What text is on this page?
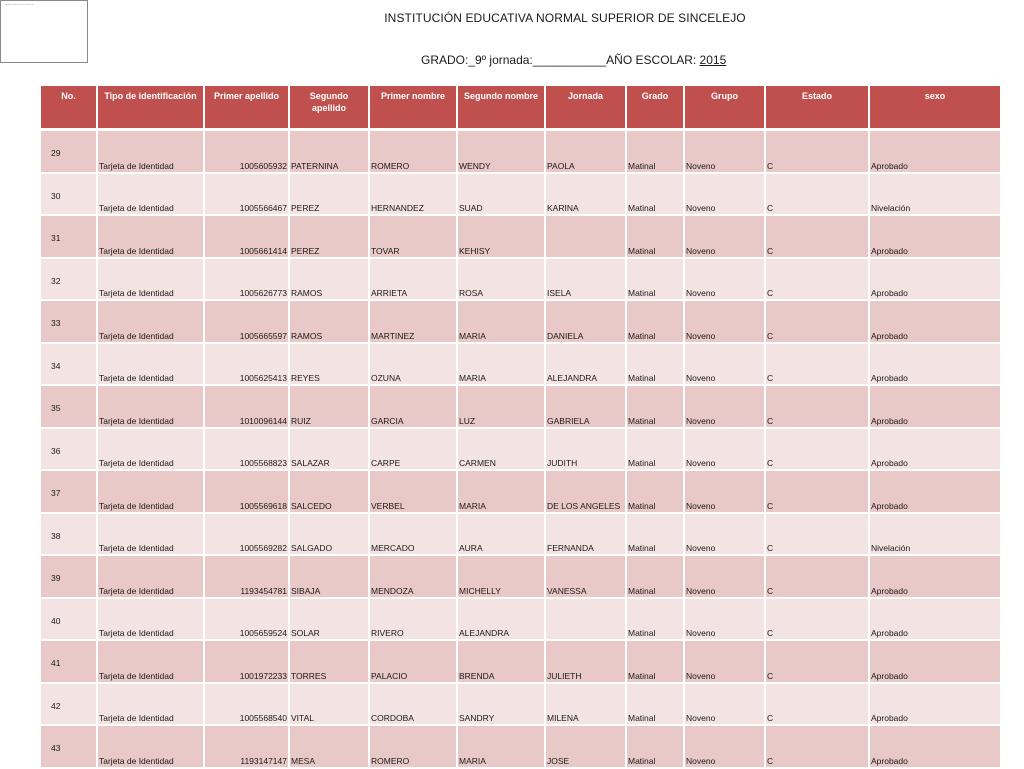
▫▫▫ ▫▫▫▫▫▫ ▫▫▫▫▫▫▫▫▫▫ ▫▫▫▫▫ ▫▫ ▫▫▫▫▫▫ ▫▫▫▫
INSTITUCIÓN EDUCATIVA NORMAL SUPERIOR DE SINCELEJO
GRADO:_9º jornada:___________AÑO ESCOLAR: 2015
No.	Tipo de identificación	Primer apellido	Segundo apellido	Primer nombre	Segundo nombre	Jornada	Grado	Grupo	Estado	sexo

29	Tarjeta de Identidad	1005605932	PATERNINA	ROMERO	WENDY	PAOLA	Matinal	Noveno	C	Aprobado

30	Tarjeta de Identidad	1005566467	PEREZ	HERNANDEZ	SUAD	KARINA	Matinal	Noveno	C	Nivelación

31	Tarjeta de Identidad	1005661414	PEREZ	TOVAR	KEHISY		Matinal	Noveno	C	Aprobado

32	Tarjeta de Identidad	1005626773	RAMOS	ARRIETA	ROSA	ISELA	Matinal	Noveno	C	Aprobado

33	Tarjeta de Identidad	1005665597	RAMOS	MARTINEZ	MARIA	DANIELA	Matinal	Noveno	C	Aprobado

34	Tarjeta de Identidad	1005625413	REYES	OZUNA	MARIA	ALEJANDRA	Matinal	Noveno	C	Aprobado

35	Tarjeta de Identidad	1010096144	RUIZ	GARCIA	LUZ	GABRIELA	Matinal	Noveno	C	Aprobado

36	Tarjeta de Identidad	1005568823	SALAZAR	CARPE	CARMEN	JUDITH	Matinal	Noveno	C	Aprobado

37	Tarjeta de Identidad	1005569618	SALCEDO	VERBEL	MARIA	DE LOS ANGELES	Matinal	Noveno	C	Aprobado

38	Tarjeta de Identidad	1005569282	SALGADO	MERCADO	AURA	FERNANDA	Matinal	Noveno	C	Nivelación

39	Tarjeta de Identidad	1193454781	SIBAJA	MENDOZA	MICHELLY	VANESSA	Matinal	Noveno	C	Aprobado

40	Tarjeta de Identidad	1005659524	SOLAR	RIVERO	ALEJANDRA		Matinal	Noveno	C	Aprobado

41	Tarjeta de Identidad	1001972233	TORRES	PALACIO	BRENDA	JULIETH	Matinal	Noveno	C	Aprobado

42	Tarjeta de Identidad	1005568540	VITAL	CORDOBA	SANDRY	MILENA	Matinal	Noveno	C	Aprobado

43	Tarjeta de Identidad	1193147147	MESA	ROMERO	MARIA	JOSE	Matinal	Noveno	C	Aprobado
